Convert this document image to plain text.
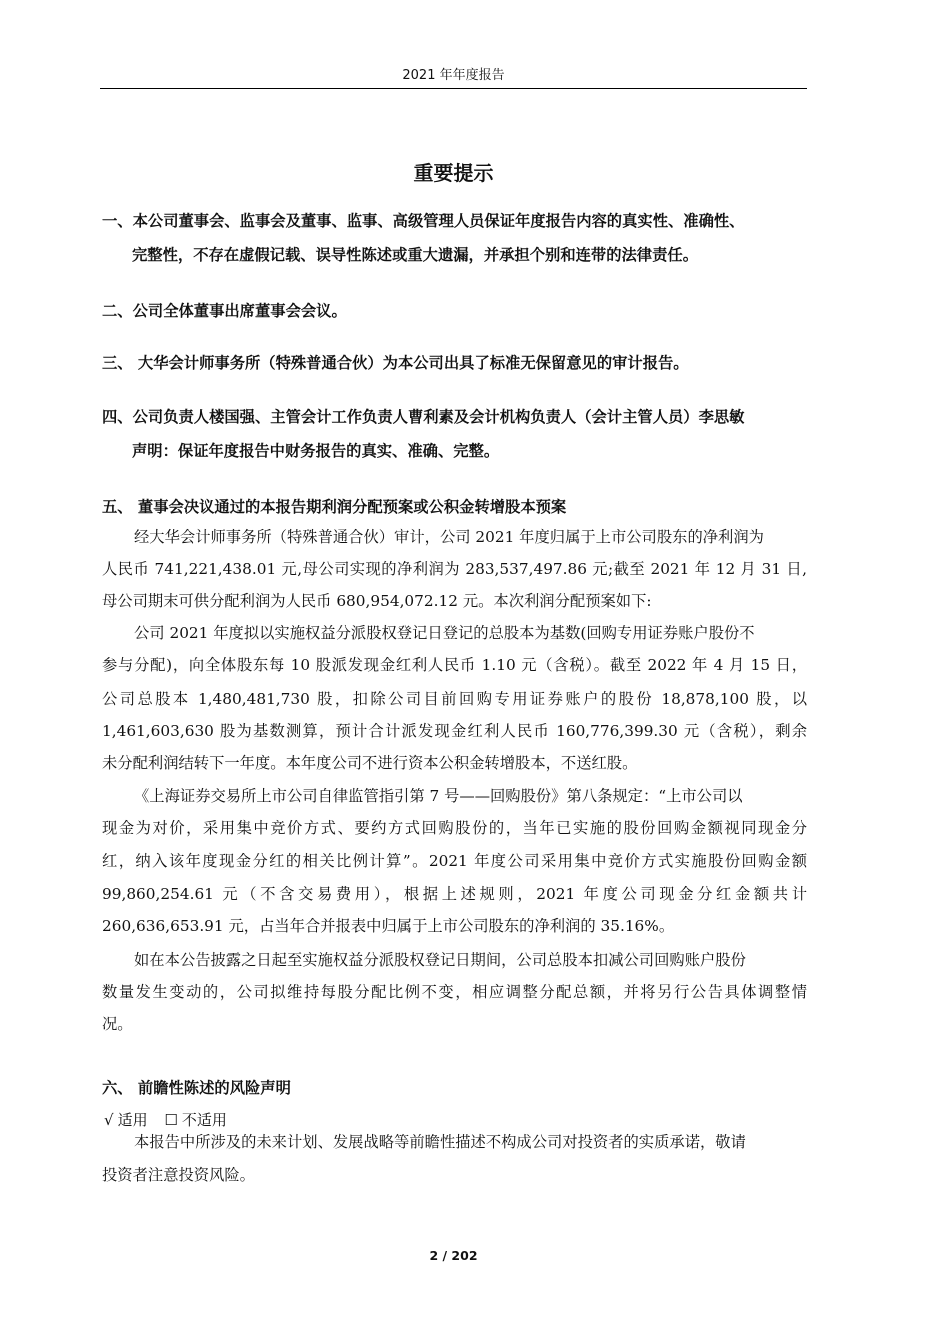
2021 年年度报告
重要提示
一、本公司董事会、监事会及董事、监事、高级管理人员保证年度报告内容的真实性、准确性、
完整性，不存在虚假记载、误导性陈述或重大遗漏，并承担个别和连带的法律责任。
二、公司全体董事出席董事会会议。
三、 大华会计师事务所（特殊普通合伙）为本公司出具了标准无保留意见的审计报告。
四、公司负责人楼国强、主管会计工作负责人曹利素及会计机构负责人（会计主管人员）李思敏
声明：保证年度报告中财务报告的真实、准确、完整。
五、 董事会决议通过的本报告期利润分配预案或公积金转增股本预案
经大华会计师事务所（特殊普通合伙）审计，公司 2021 年度归属于上市公司股东的净利润为
人民币 741,221,438.01 元,母公司实现的净利润为 283,537,497.86 元;截至 2021 年 12 月 31 日,
母公司期末可供分配利润为人民币 680,954,072.12 元。本次利润分配预案如下:
公司 2021 年度拟以实施权益分派股权登记日登记的总股本为基数(回购专用证券账户股份不
参与分配)，向全体股东每 10 股派发现金红利人民币 1.10 元（含税）。截至 2022 年 4 月 15 日，
公司总股本 1,480,481,730 股，扣除公司目前回购专用证券账户的股份 18,878,100 股，以
1,461,603,630 股为基数测算，预计合计派发现金红利人民币 160,776,399.30 元（含税），剩余
未分配利润结转下一年度。本年度公司不进行资本公积金转增股本，不送红股。
《上海证券交易所上市公司自律监管指引第 7 号——回购股份》第八条规定：“上市公司以
现金为对价，采用集中竞价方式、要约方式回购股份的，当年已实施的股份回购金额视同现金分
红，纳入该年度现金分红的相关比例计算”。2021 年度公司采用集中竞价方式实施股份回购金额
99,860,254.61 元（不含交易费用），根据上述规则，2021 年度公司现金分红金额共计
260,636,653.91 元，占当年合并报表中归属于上市公司股东的净利润的 35.16%。
如在本公告披露之日起至实施权益分派股权登记日期间，公司总股本扣减公司回购账户股份
数量发生变动的，公司拟维持每股分配比例不变，相应调整分配总额，并将另行公告具体调整情
况。
六、 前瞻性陈述的风险声明
√ 适用 ☐ 不适用
本报告中所涉及的未来计划、发展战略等前瞻性描述不构成公司对投资者的实质承诺，敬请
投资者注意投资风险。
2 / 202
